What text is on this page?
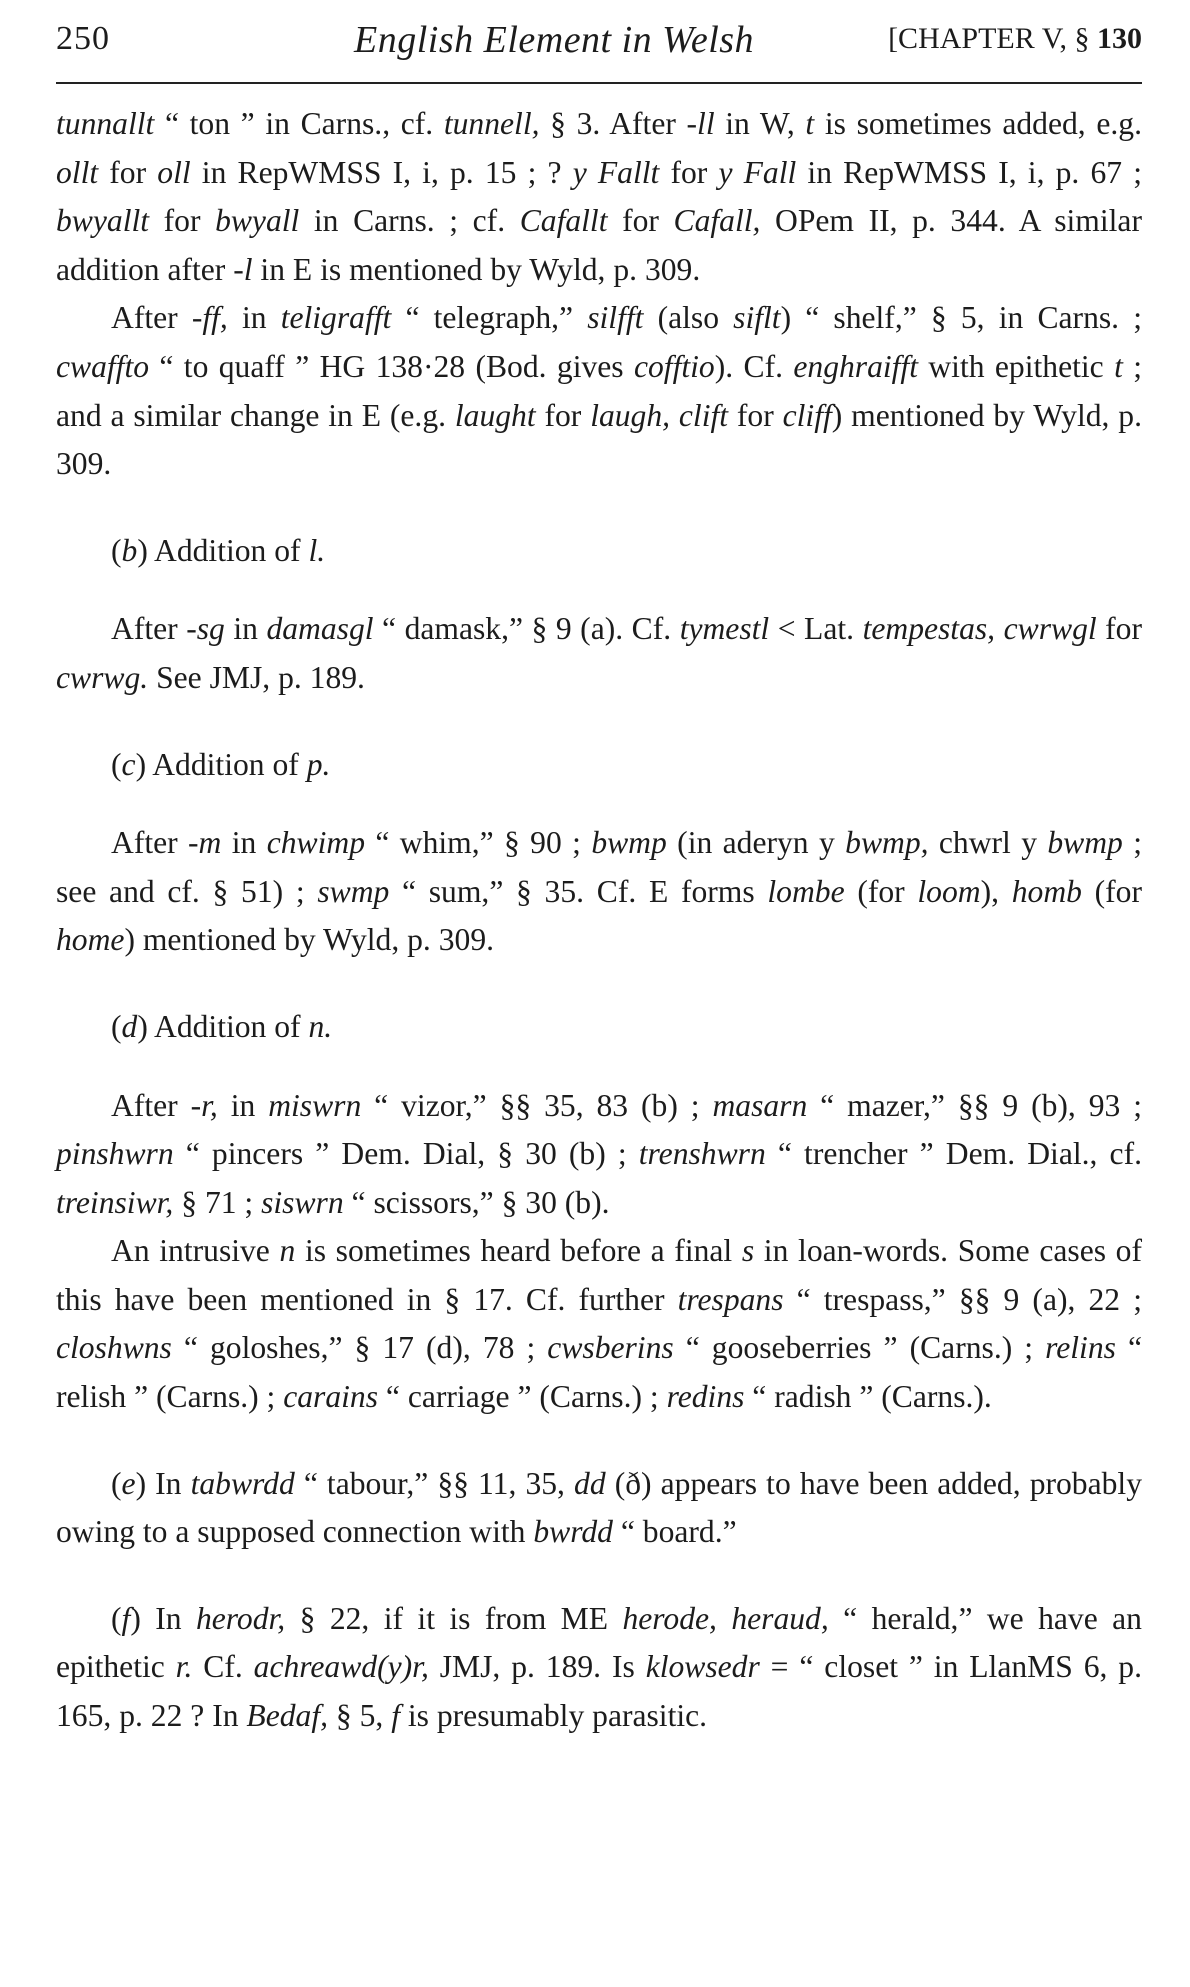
250	English Element in Welsh	[CHAPTER V, § 130

tunnallt “ ton ” in Carns., cf. tunnell, § 3. After -ll in W, t is sometimes added, e.g. ollt for oll in RepWMSS I, i, p. 15 ; ? y Fallt for y Fall in RepWMSS I, i, p. 67 ; bwyallt for bwyall in Carns. ; cf. Cafallt for Cafall, OPem II, p. 344. A similar addition after -l in E is mentioned by Wyld, p. 309.

After -ff, in teligrafft “ telegraph,” silfft (also siflt) “ shelf,” § 5, in Carns. ; cwaffto “ to quaff ” HG 138·28 (Bod. gives cofftio). Cf. enghraifft with epithetic t ; and a similar change in E (e.g. laught for laugh, clift for cliff) mentioned by Wyld, p. 309.

(b) Addition of l.

After -sg in damasgl “ damask,” § 9 (a). Cf. tymestl < Lat. tempestas, cwrwgl for cwrwg. See JMJ, p. 189.

(c) Addition of p.

After -m in chwimp “ whim,” § 90 ; bwmp (in aderyn y bwmp, chwrl y bwmp ; see and cf. § 51) ; swmp “ sum,” § 35. Cf. E forms lombe (for loom), homb (for home) mentioned by Wyld, p. 309.

(d) Addition of n.

After -r, in miswrn “ vizor,” §§ 35, 83 (b) ; masarn “ mazer,” §§ 9 (b), 93 ; pinshwrn “ pincers ” Dem. Dial, § 30 (b) ; trenshwrn “ trencher ” Dem. Dial., cf. treinsiwr, § 71 ; siswrn “ scissors,” § 30 (b).

An intrusive n is sometimes heard before a final s in loan-words. Some cases of this have been mentioned in § 17. Cf. further trespans “ trespass,” §§ 9 (a), 22 ; closhwns “ goloshes,” § 17 (d), 78 ; cwsberins “ gooseberries ” (Carns.) ; relins “ relish ” (Carns.) ; carains “ carriage ” (Carns.) ; redins “ radish ” (Carns.).

(e) In tabwrdd “ tabour,” §§ 11, 35, dd (ð) appears to have been added, probably owing to a supposed connection with bwrdd “ board.”

(f) In herodr, § 22, if it is from ME herode, heraud, “ herald,” we have an epithetic r. Cf. achreawd(y)r, JMJ, p. 189. Is klowsedr = “ closet ” in LlanMS 6, p. 165, p. 22 ? In Bedaf, § 5, f is presumably parasitic.
